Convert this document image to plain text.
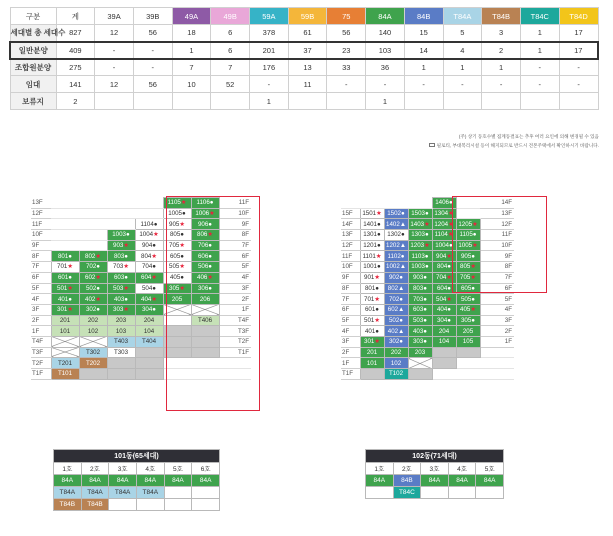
구분	계	39A	39B	49A	49B	59A	59B	75	84A	84B	T84A	T84B	T84C	T84D
세대별 총 세대수	827	12	56	18	6	378	61	56	140	15	5	3	1	17
일반분양	409	-	-	1	6	201	37	23	103	14	4	2	1	17
조합원분양	275	-	-	7	7	176	13	33	36	1	1	1	-	-
임대	141	12	56	10	52	-	11	-	-	-	-	-	-	-
보류지	2					1			1					
(주) 상기 동호수별 집계동결표는 추후 여러 요인에 의해 변경될 수 있음
필로티, 부대복리시설 등이 해지되므로 반드시 견본주택에서 확인하시기 바랍니다.
13F					1105★	1106●	11F
12F					1005●	1006★	10F
11F				1104●	905★	906●	9F
10F			1003●	1004★	805●	806★	8F
9F			903★	904●	705★	706●	7F
8F	801●	802★	803●	804★	605●	606●	6F
7F	701★	702●	703★	704●	505★	506●	5F
6F	601●	602★	603●	604★	405●	406★	4F
5F	501★	502●	503★	504●	305★	306●	3F
4F	401●	402★	403●	404★	205	206	2F
3F	301★	302●	303★	304●			1F
2F	201	202	203	204		T406	T4F
1F	101	102	103	104			T3F
T4F			T403	T404			T2F
T3F		T302	T303				T1F
T2F	T201	T202					
T1F	T101						
101동(65세대)					
1호	2호	3호	4호	5호	6호
84A	84A	84A	84A	84A	84A
T84A	T84A	T84A	T84A		
T84B	T84B				
				1406●		14F
15F	1501★	1502●	1503●	1304★		13F
14F	1401●	1402▲	1403★	1204★	1205★	12F
13F	1301●	1302●	1303●	1104★	1105●	11F
12F	1201●	1202▲	1203★	1004●	1005★	10F
11F	1101★	1102●	1103●	904★	905●	9F
10F	1001●	1002▲	1003●	804●	805★	8F
9F	901★	902●	903●	704★	705★	7F
8F	801●	802▲	803●	604●	605●	6F
7F	701★	702●	703●	504★	505●	5F
6F	601●	602▲	603●	404●	405★	4F
5F	501★	502●	503●	304●	305●	3F
4F	401●	402▲	403●	204	205	2F
3F	301★	302●	303●	104	105	1F
2F	201	202	203			
1F	101	102				
T1F		T102				
102동(71세대)				
1호	2호	3호	4호	5호
84A	84B	84A	84A	84A
	T84C			
